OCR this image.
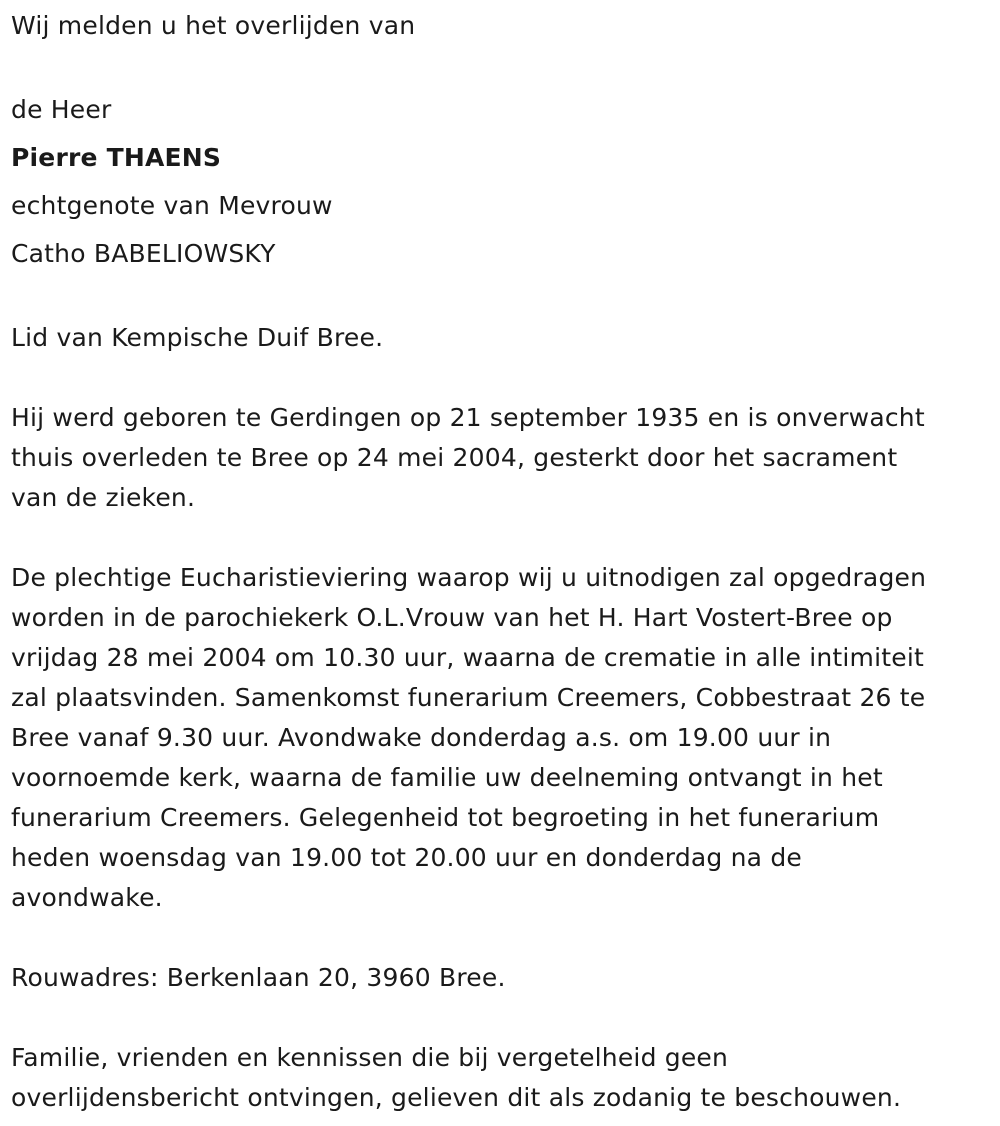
Wij melden u het overlijden van

de Heer

Pierre THAENS

echtgenote van Mevrouw

Catho BABELIOWSKY

Lid van Kempische Duif Bree.

Hij werd geboren te Gerdingen op 21 september 1935 en is onverwacht

thuis overleden te Bree op 24 mei 2004, gesterkt door het sacrament

van de zieken.

De plechtige Eucharistieviering waarop wij u uitnodigen zal opgedragen

worden in de parochiekerk O.L.Vrouw van het H. Hart Vostert-Bree op

vrijdag 28 mei 2004 om 10.30 uur, waarna de crematie in alle intimiteit

zal plaatsvinden. Samenkomst funerarium Creemers, Cobbestraat 26 te

Bree vanaf 9.30 uur. Avondwake donderdag a.s. om 19.00 uur in

voornoemde kerk, waarna de familie uw deelneming ontvangt in het

funerarium Creemers. Gelegenheid tot begroeting in het funerarium

heden woensdag van 19.00 tot 20.00 uur en donderdag na de

avondwake.

Rouwadres: Berkenlaan 20, 3960 Bree.

Familie, vrienden en kennissen die bij vergetelheid geen

overlijdensbericht ontvingen, gelieven dit als zodanig te beschouwen.
